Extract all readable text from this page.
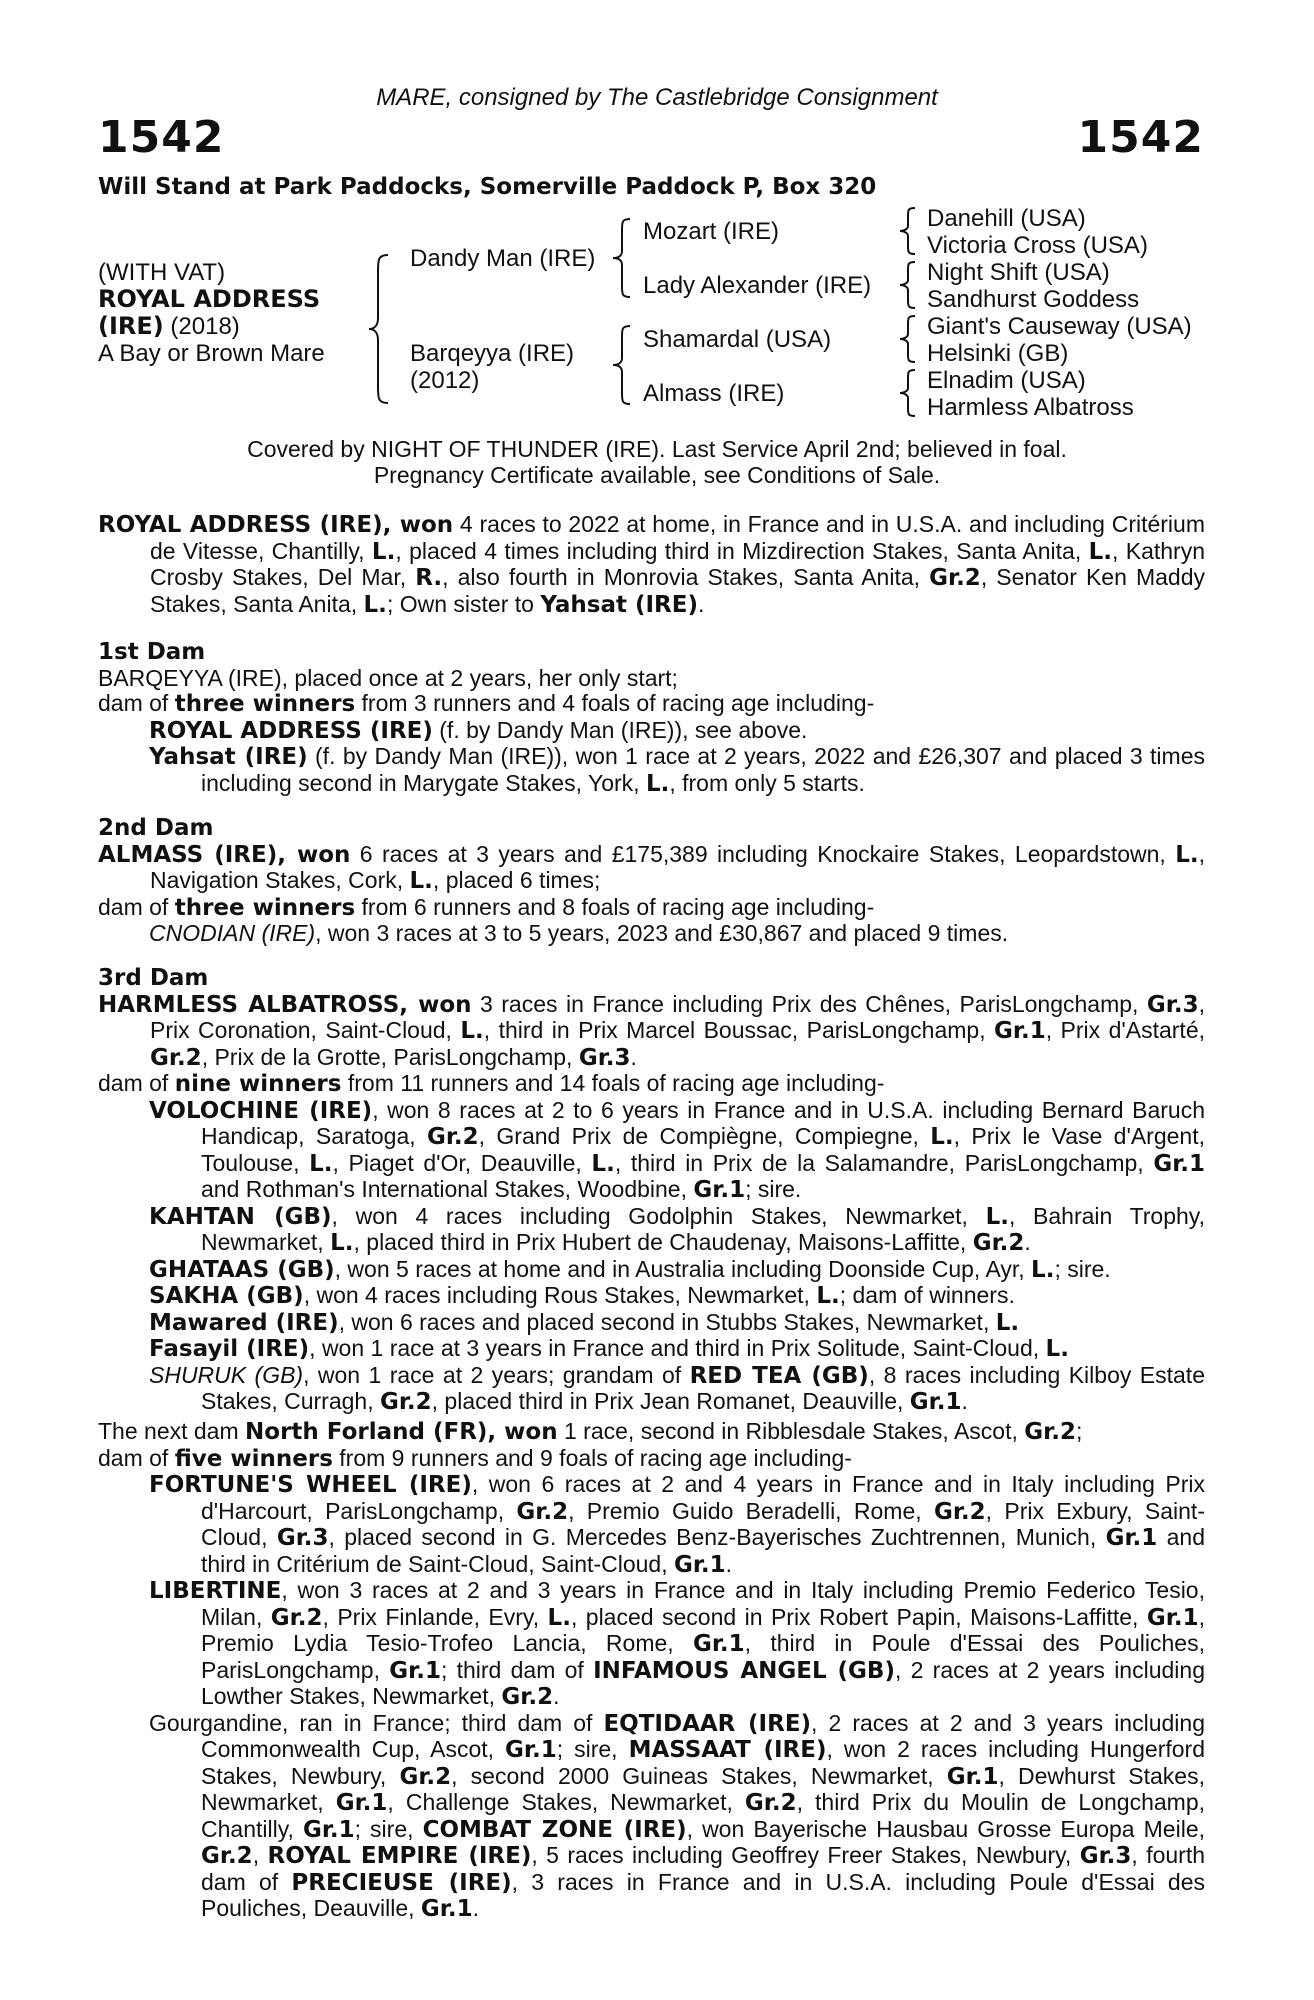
MARE, consigned by The Castlebridge Consignment
1542	1542
Will Stand at Park Paddocks, Somerville Paddock P, Box 320
(WITH VAT)
ROYAL ADDRESS
(IRE) (2018)
A Bay or Brown Mare
Dandy Man (IRE)
Barqeyya (IRE)
(2012)
Mozart (IRE)
Lady Alexander (IRE)
Shamardal (USA)
Almass (IRE)
Danehill (USA)
Victoria Cross (USA)
Night Shift (USA)
Sandhurst Goddess
Giant's Causeway (USA)
Helsinki (GB)
Elnadim (USA)
Harmless Albatross
Covered by NIGHT OF THUNDER (IRE). Last Service April 2nd; believed in foal.
Pregnancy Certificate available, see Conditions of Sale.

ROYAL ADDRESS (IRE), won 4 races to 2022 at home, in France and in U.S.A. and including Critérium de Vitesse, Chantilly, L., placed 4 times including third in Mizdirection Stakes, Santa Anita, L., Kathryn Crosby Stakes, Del Mar, R., also fourth in Monrovia Stakes, Santa Anita, Gr.2, Senator Ken Maddy Stakes, Santa Anita, L.; Own sister to Yahsat (IRE).

1st Dam

BARQEYYA (IRE), placed once at 2 years, her only start;

dam of three winners from 3 runners and 4 foals of racing age including-

ROYAL ADDRESS (IRE) (f. by Dandy Man (IRE)), see above.

Yahsat (IRE) (f. by Dandy Man (IRE)), won 1 race at 2 years, 2022 and £26,307 and placed 3 times including second in Marygate Stakes, York, L., from only 5 starts.

2nd Dam

ALMASS (IRE), won 6 races at 3 years and £175,389 including Knockaire Stakes, Leopardstown, L., Navigation Stakes, Cork, L., placed 6 times;

dam of three winners from 6 runners and 8 foals of racing age including-

CNODIAN (IRE), won 3 races at 3 to 5 years, 2023 and £30,867 and placed 9 times.

3rd Dam

HARMLESS ALBATROSS, won 3 races in France including Prix des Chênes, ParisLongchamp, Gr.3, Prix Coronation, Saint-Cloud, L., third in Prix Marcel Boussac, ParisLongchamp, Gr.1, Prix d'Astarté, Gr.2, Prix de la Grotte, ParisLongchamp, Gr.3.

dam of nine winners from 11 runners and 14 foals of racing age including-

VOLOCHINE (IRE), won 8 races at 2 to 6 years in France and in U.S.A. including Bernard Baruch Handicap, Saratoga, Gr.2, Grand Prix de Compiègne, Compiegne, L., Prix le Vase d'Argent, Toulouse, L., Piaget d'Or, Deauville, L., third in Prix de la Salamandre, ParisLongchamp, Gr.1 and Rothman's International Stakes, Woodbine, Gr.1; sire.

KAHTAN (GB), won 4 races including Godolphin Stakes, Newmarket, L., Bahrain Trophy, Newmarket, L., placed third in Prix Hubert de Chaudenay, Maisons-Laffitte, Gr.2.

GHATAAS (GB), won 5 races at home and in Australia including Doonside Cup, Ayr, L.; sire.

SAKHA (GB), won 4 races including Rous Stakes, Newmarket, L.; dam of winners.

Mawared (IRE), won 6 races and placed second in Stubbs Stakes, Newmarket, L.

Fasayil (IRE), won 1 race at 3 years in France and third in Prix Solitude, Saint-Cloud, L.

SHURUK (GB), won 1 race at 2 years; grandam of RED TEA (GB), 8 races including Kilboy Estate Stakes, Curragh, Gr.2, placed third in Prix Jean Romanet, Deauville, Gr.1.

The next dam North Forland (FR), won 1 race, second in Ribblesdale Stakes, Ascot, Gr.2;

dam of five winners from 9 runners and 9 foals of racing age including-

FORTUNE'S WHEEL (IRE), won 6 races at 2 and 4 years in France and in Italy including Prix d'Harcourt, ParisLongchamp, Gr.2, Premio Guido Beradelli, Rome, Gr.2, Prix Exbury, Saint-Cloud, Gr.3, placed second in G. Mercedes Benz-Bayerisches Zuchtrennen, Munich, Gr.1 and third in Critérium de Saint-Cloud, Saint-Cloud, Gr.1.

LIBERTINE, won 3 races at 2 and 3 years in France and in Italy including Premio Federico Tesio, Milan, Gr.2, Prix Finlande, Evry, L., placed second in Prix Robert Papin, Maisons-Laffitte, Gr.1, Premio Lydia Tesio-Trofeo Lancia, Rome, Gr.1, third in Poule d'Essai des Pouliches, ParisLongchamp, Gr.1; third dam of INFAMOUS ANGEL (GB), 2 races at 2 years including Lowther Stakes, Newmarket, Gr.2.

Gourgandine, ran in France; third dam of EQTIDAAR (IRE), 2 races at 2 and 3 years including Commonwealth Cup, Ascot, Gr.1; sire, MASSAAT (IRE), won 2 races including Hungerford Stakes, Newbury, Gr.2, second 2000 Guineas Stakes, Newmarket, Gr.1, Dewhurst Stakes, Newmarket, Gr.1, Challenge Stakes, Newmarket, Gr.2, third Prix du Moulin de Longchamp, Chantilly, Gr.1; sire, COMBAT ZONE (IRE), won Bayerische Hausbau Grosse Europa Meile, Gr.2, ROYAL EMPIRE (IRE), 5 races including Geoffrey Freer Stakes, Newbury, Gr.3, fourth dam of PRECIEUSE (IRE), 3 races in France and in U.S.A. including Poule d'Essai des Pouliches, Deauville, Gr.1.
